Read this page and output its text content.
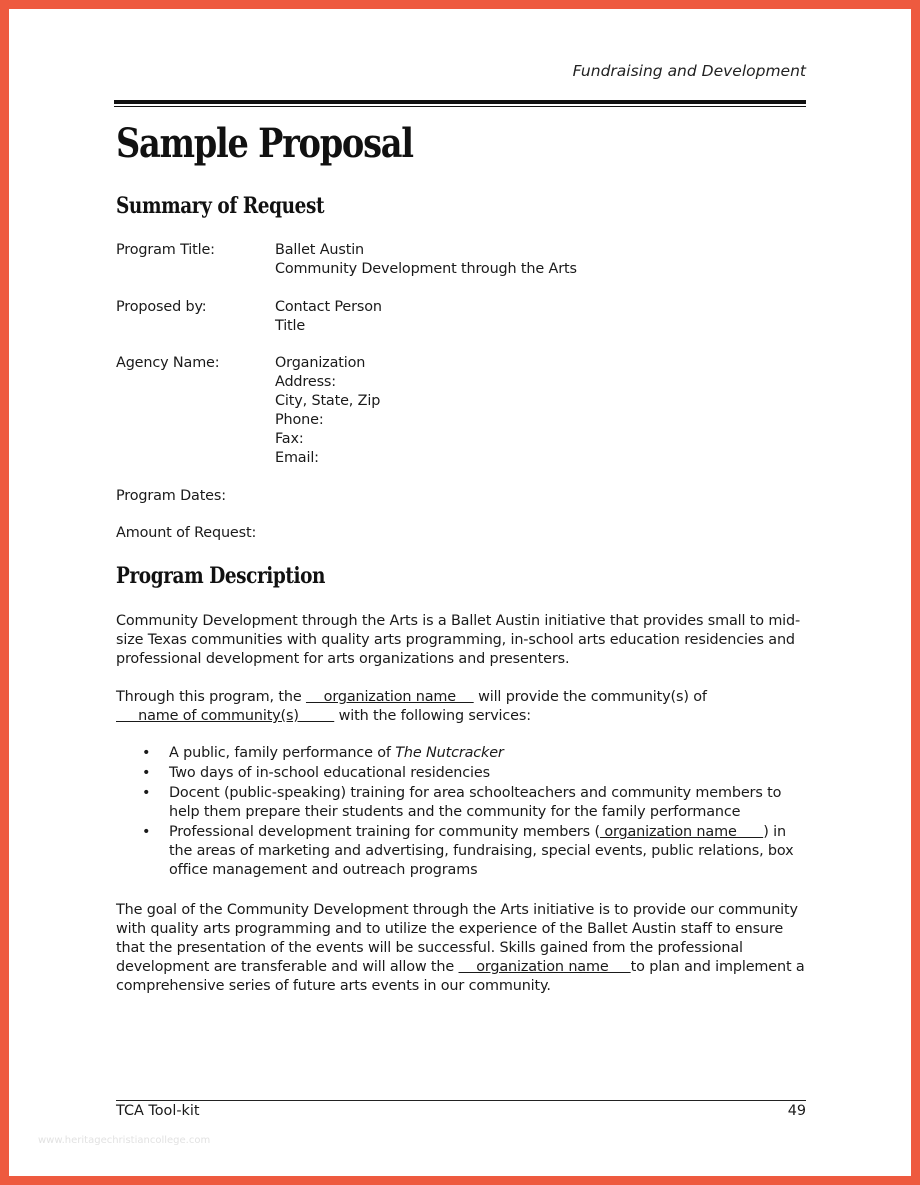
Fundraising and Development
Sample Proposal
Summary of Request
Program Title:	Ballet Austin
Community Development through the Arts
Proposed by:	Contact Person
Title
Agency Name:	Organization
Address:
City, State, Zip
Phone:
Fax:
Email:
Program Dates:
Amount of Request:
Program Description

Community Development through the Arts is a Ballet Austin initiative that provides small to mid-size Texas communities with quality arts programming, in-school arts education residencies and professional development for arts organizations and presenters.

Through this program, the     organization name     will provide the community(s) of      name of community(s)         with the following services:

• A public, family performance of The Nutcracker
• Two days of in-school educational residencies
• Docent (public-speaking) training for area schoolteachers and community members to help them prepare their students and the community for the family performance
• Professional development training for community members ( organization name      ) in the areas of marketing and advertising, fundraising, special events, public relations, box office management and outreach programs

The goal of the Community Development through the Arts initiative is to provide our community with quality arts programming and to utilize the experience of the Ballet Austin staff to ensure that the presentation of the events will be successful. Skills gained from the professional development are transferable and will allow the     organization name     to plan and implement a comprehensive series of future arts events in our community.

TCA Tool-kit	49
www.heritagechristiancollege.com
